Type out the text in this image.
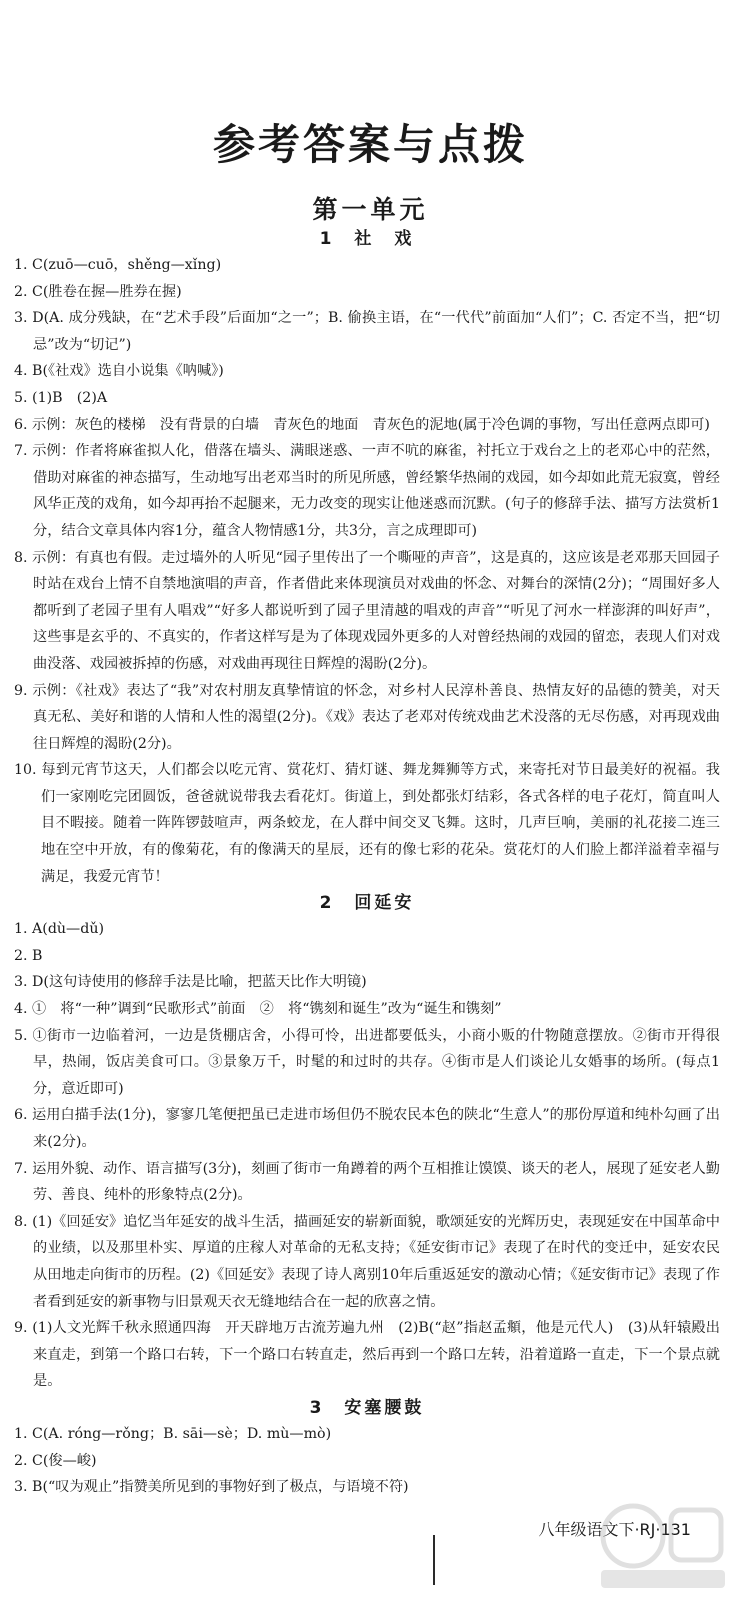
参考答案与点拨
第一单元
1　社　戏

1. C(zuō—cuō，shěng—xǐng)

2. C(胜卷在握—胜券在握)

3. D(A. 成分残缺，在“艺术手段”后面加“之一”；B. 偷换主语，在“一代代”前面加“人们”；C. 否定不当，把“切忌”改为“切记”)

4. B(《社戏》选自小说集《呐喊》)

5. (1)B　(2)A

6. 示例：灰色的楼梯　没有背景的白墙　青灰色的地面　青灰色的泥地(属于冷色调的事物，写出任意两点即可)

7. 示例：作者将麻雀拟人化，借落在墙头、满眼迷惑、一声不吭的麻雀，衬托立于戏台之上的老邓心中的茫然，借助对麻雀的神态描写，生动地写出老邓当时的所见所感，曾经繁华热闹的戏园，如今却如此荒无寂寞，曾经风华正茂的戏角，如今却再抬不起腿来，无力改变的现实让他迷惑而沉默。(句子的修辞手法、描写方法赏析1分，结合文章具体内容1分，蕴含人物情感1分，共3分，言之成理即可)

8. 示例：有真也有假。走过墙外的人听见“园子里传出了一个嘶哑的声音”，这是真的，这应该是老邓那天回园子时站在戏台上情不自禁地演唱的声音，作者借此来体现演员对戏曲的怀念、对舞台的深情(2分)；“周围好多人都听到了老园子里有人唱戏”“好多人都说听到了园子里清越的唱戏的声音”“听见了河水一样澎湃的叫好声”，这些事是玄乎的、不真实的，作者这样写是为了体现戏园外更多的人对曾经热闹的戏园的留恋，表现人们对戏曲没落、戏园被拆掉的伤感，对戏曲再现往日辉煌的渴盼(2分)。

9. 示例：《社戏》表达了“我”对农村朋友真挚情谊的怀念，对乡村人民淳朴善良、热情友好的品德的赞美，对天真无私、美好和谐的人情和人性的渴望(2分)。《戏》表达了老邓对传统戏曲艺术没落的无尽伤感，对再现戏曲往日辉煌的渴盼(2分)。

10. 每到元宵节这天，人们都会以吃元宵、赏花灯、猜灯谜、舞龙舞狮等方式，来寄托对节日最美好的祝福。我们一家刚吃完团圆饭，爸爸就说带我去看花灯。街道上，到处都张灯结彩，各式各样的电子花灯，简直叫人目不暇接。随着一阵阵锣鼓喧声，两条蛟龙，在人群中间交叉飞舞。这时，几声巨响，美丽的礼花接二连三地在空中开放，有的像菊花，有的像满天的星辰，还有的像七彩的花朵。赏花灯的人们脸上都洋溢着幸福与满足，我爱元宵节！

2　回延安

1. A(dù—dǔ)

2. B

3. D(这句诗使用的修辞手法是比喻，把蓝天比作大明镜)

4. ①　将“一种”调到“民歌形式”前面　②　将“镌刻和诞生”改为“诞生和镌刻”

5. ①街市一边临着河，一边是货棚店舍，小得可怜，出进都要低头，小商小贩的什物随意摆放。②街市开得很早，热闹，饭店美食可口。③景象万千，时髦的和过时的共存。④街市是人们谈论儿女婚事的场所。(每点1分，意近即可)

6. 运用白描手法(1分)，寥寥几笔便把虽已走进市场但仍不脱农民本色的陕北“生意人”的那份厚道和纯朴勾画了出来(2分)。

7. 运用外貌、动作、语言描写(3分)，刻画了街市一角蹲着的两个互相推让馍馍、谈天的老人，展现了延安老人勤劳、善良、纯朴的形象特点(2分)。

8. (1)《回延安》追忆当年延安的战斗生活，描画延安的崭新面貌，歌颂延安的光辉历史，表现延安在中国革命中的业绩，以及那里朴实、厚道的庄稼人对革命的无私支持；《延安街市记》表现了在时代的变迁中，延安农民从田地走向街市的历程。(2)《回延安》表现了诗人离别10年后重返延安的激动心情；《延安街市记》表现了作者看到延安的新事物与旧景观天衣无缝地结合在一起的欣喜之情。

9. (1)人文光辉千秋永照通四海　开天辟地万古流芳遍九州　(2)B(“赵”指赵孟頫，他是元代人)　(3)从轩辕殿出来直走，到第一个路口右转，下一个路口右转直走，然后再到一个路口左转，沿着道路一直走，下一个景点就是。

3　安塞腰鼓

1. C(A. róng—rǒng；B. sāi—sè；D. mù—mò)

2. C(俊—峻)

3. B(“叹为观止”指赞美所见到的事物好到了极点，与语境不符)

八年级语文下·RJ·131
